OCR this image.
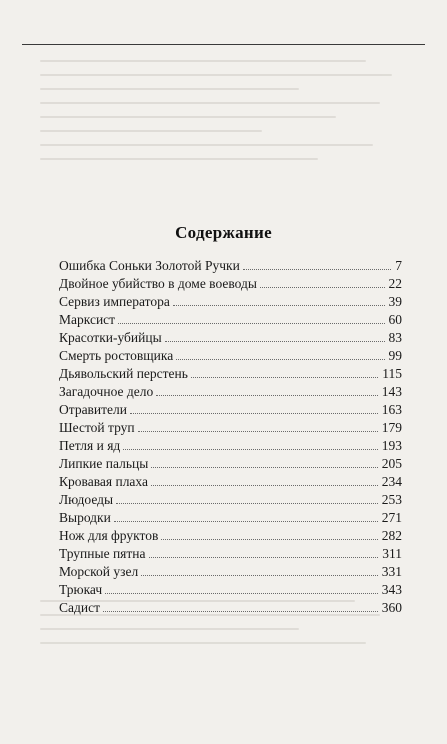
Содержание
Ошибка Соньки Золотой Ручки	7
Двойное убийство в доме воеводы	22
Сервиз императора	39
Марксист	60
Красотки-убийцы	83
Смерть ростовщика	99
Дьявольский перстень	115
Загадочное дело	143
Отравители	163
Шестой труп	179
Петля и яд	193
Липкие пальцы	205
Кровавая плаха	234
Людоеды	253
Выродки	271
Нож для фруктов	282
Трупные пятна	311
Морской узел	331
Трюкач	343
Садист	360
